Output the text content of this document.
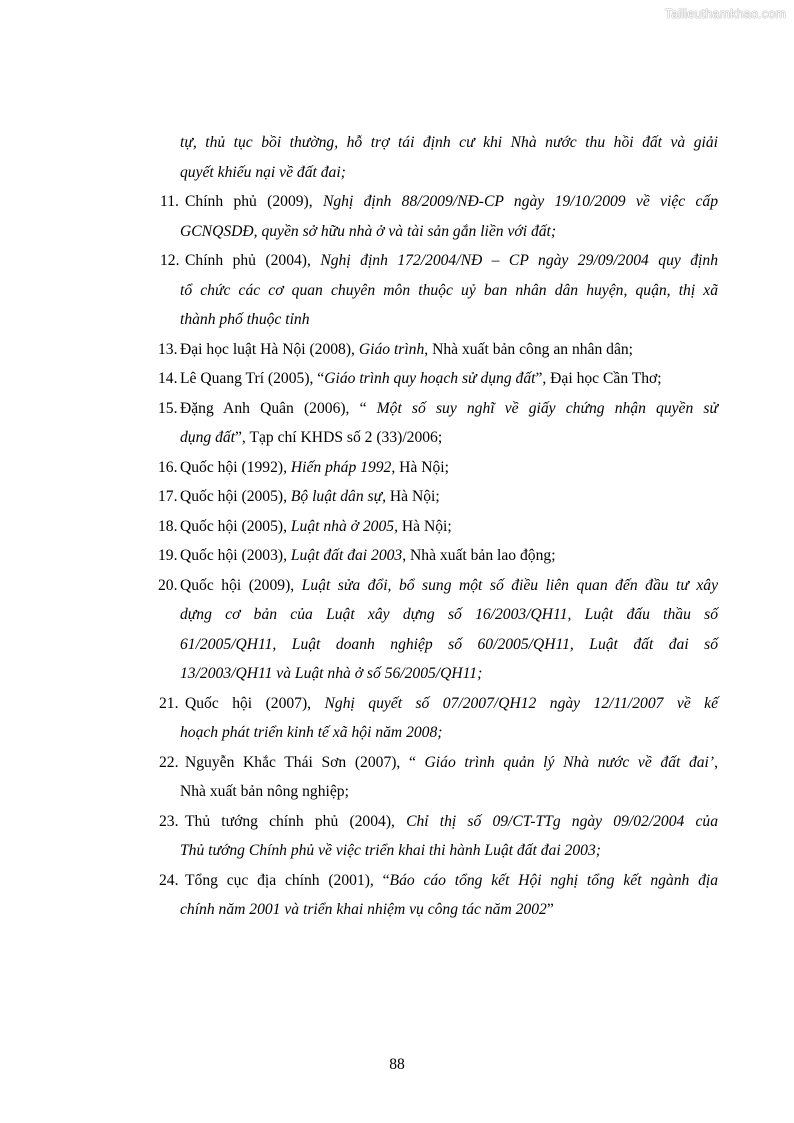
Tailieuthamkhao.com
tự, thủ tục bồi thường, hỗ trợ tái định cư khi Nhà nước thu hồi đất và giải
quyết khiếu nại về đất đai;
11. Chính phủ (2009), Nghị định 88/2009/NĐ-CP ngày 19/10/2009 về việc cấp
GCNQSDĐ, quyền sở hữu nhà ở và tài sản gắn liền với đất;
12. Chính phủ (2004), Nghị định 172/2004/NĐ – CP ngày 29/09/2004 quy định
tổ chức các cơ quan chuyên môn thuộc uỷ ban nhân dân huyện, quận, thị xã
thành phố thuộc tỉnh
13. Đại học luật Hà Nội (2008), Giáo trình, Nhà xuất bản công an nhân dân;
14. Lê Quang Trí (2005), “Giáo trình quy hoạch sử dụng đất”, Đại học Cần Thơ;
15. Đặng Anh Quân (2006), “ Một số suy nghĩ về giấy chứng nhận quyền sử
dụng đất”, Tạp chí KHDS số 2 (33)/2006;
16. Quốc hội (1992), Hiến pháp 1992, Hà Nội;
17. Quốc hội (2005), Bộ luật dân sự, Hà Nội;
18. Quốc hội (2005), Luật nhà ở 2005, Hà Nội;
19. Quốc hội (2003), Luật đất đai 2003, Nhà xuất bản lao động;
20. Quốc hội (2009), Luật sửa đổi, bổ sung một số điều liên quan đến đầu tư xây
dựng cơ bản của Luật xây dựng số 16/2003/QH11, Luật đấu thầu số
61/2005/QH11, Luật doanh nghiệp số 60/2005/QH11, Luật đất đai số
13/2003/QH11 và Luật nhà ở số 56/2005/QH11;
21. Quốc hội (2007), Nghị quyết số 07/2007/QH12 ngày 12/11/2007 về kế
hoạch phát triển kinh tế xã hội năm 2008;
22. Nguyễn Khắc Thái Sơn (2007), “ Giáo trình quản lý Nhà nước về đất đai’,
Nhà xuất bản nông nghiệp;
23. Thủ tướng chính phủ (2004), Chỉ thị số 09/CT-TTg ngày 09/02/2004 của
Thủ tướng Chính phủ về việc triển khai thi hành Luật đất đai 2003;
24. Tổng cục địa chính (2001), “Báo cáo tổng kết Hội nghị tổng kết ngành địa
chính năm 2001 và triển khai nhiệm vụ công tác năm 2002”
88
